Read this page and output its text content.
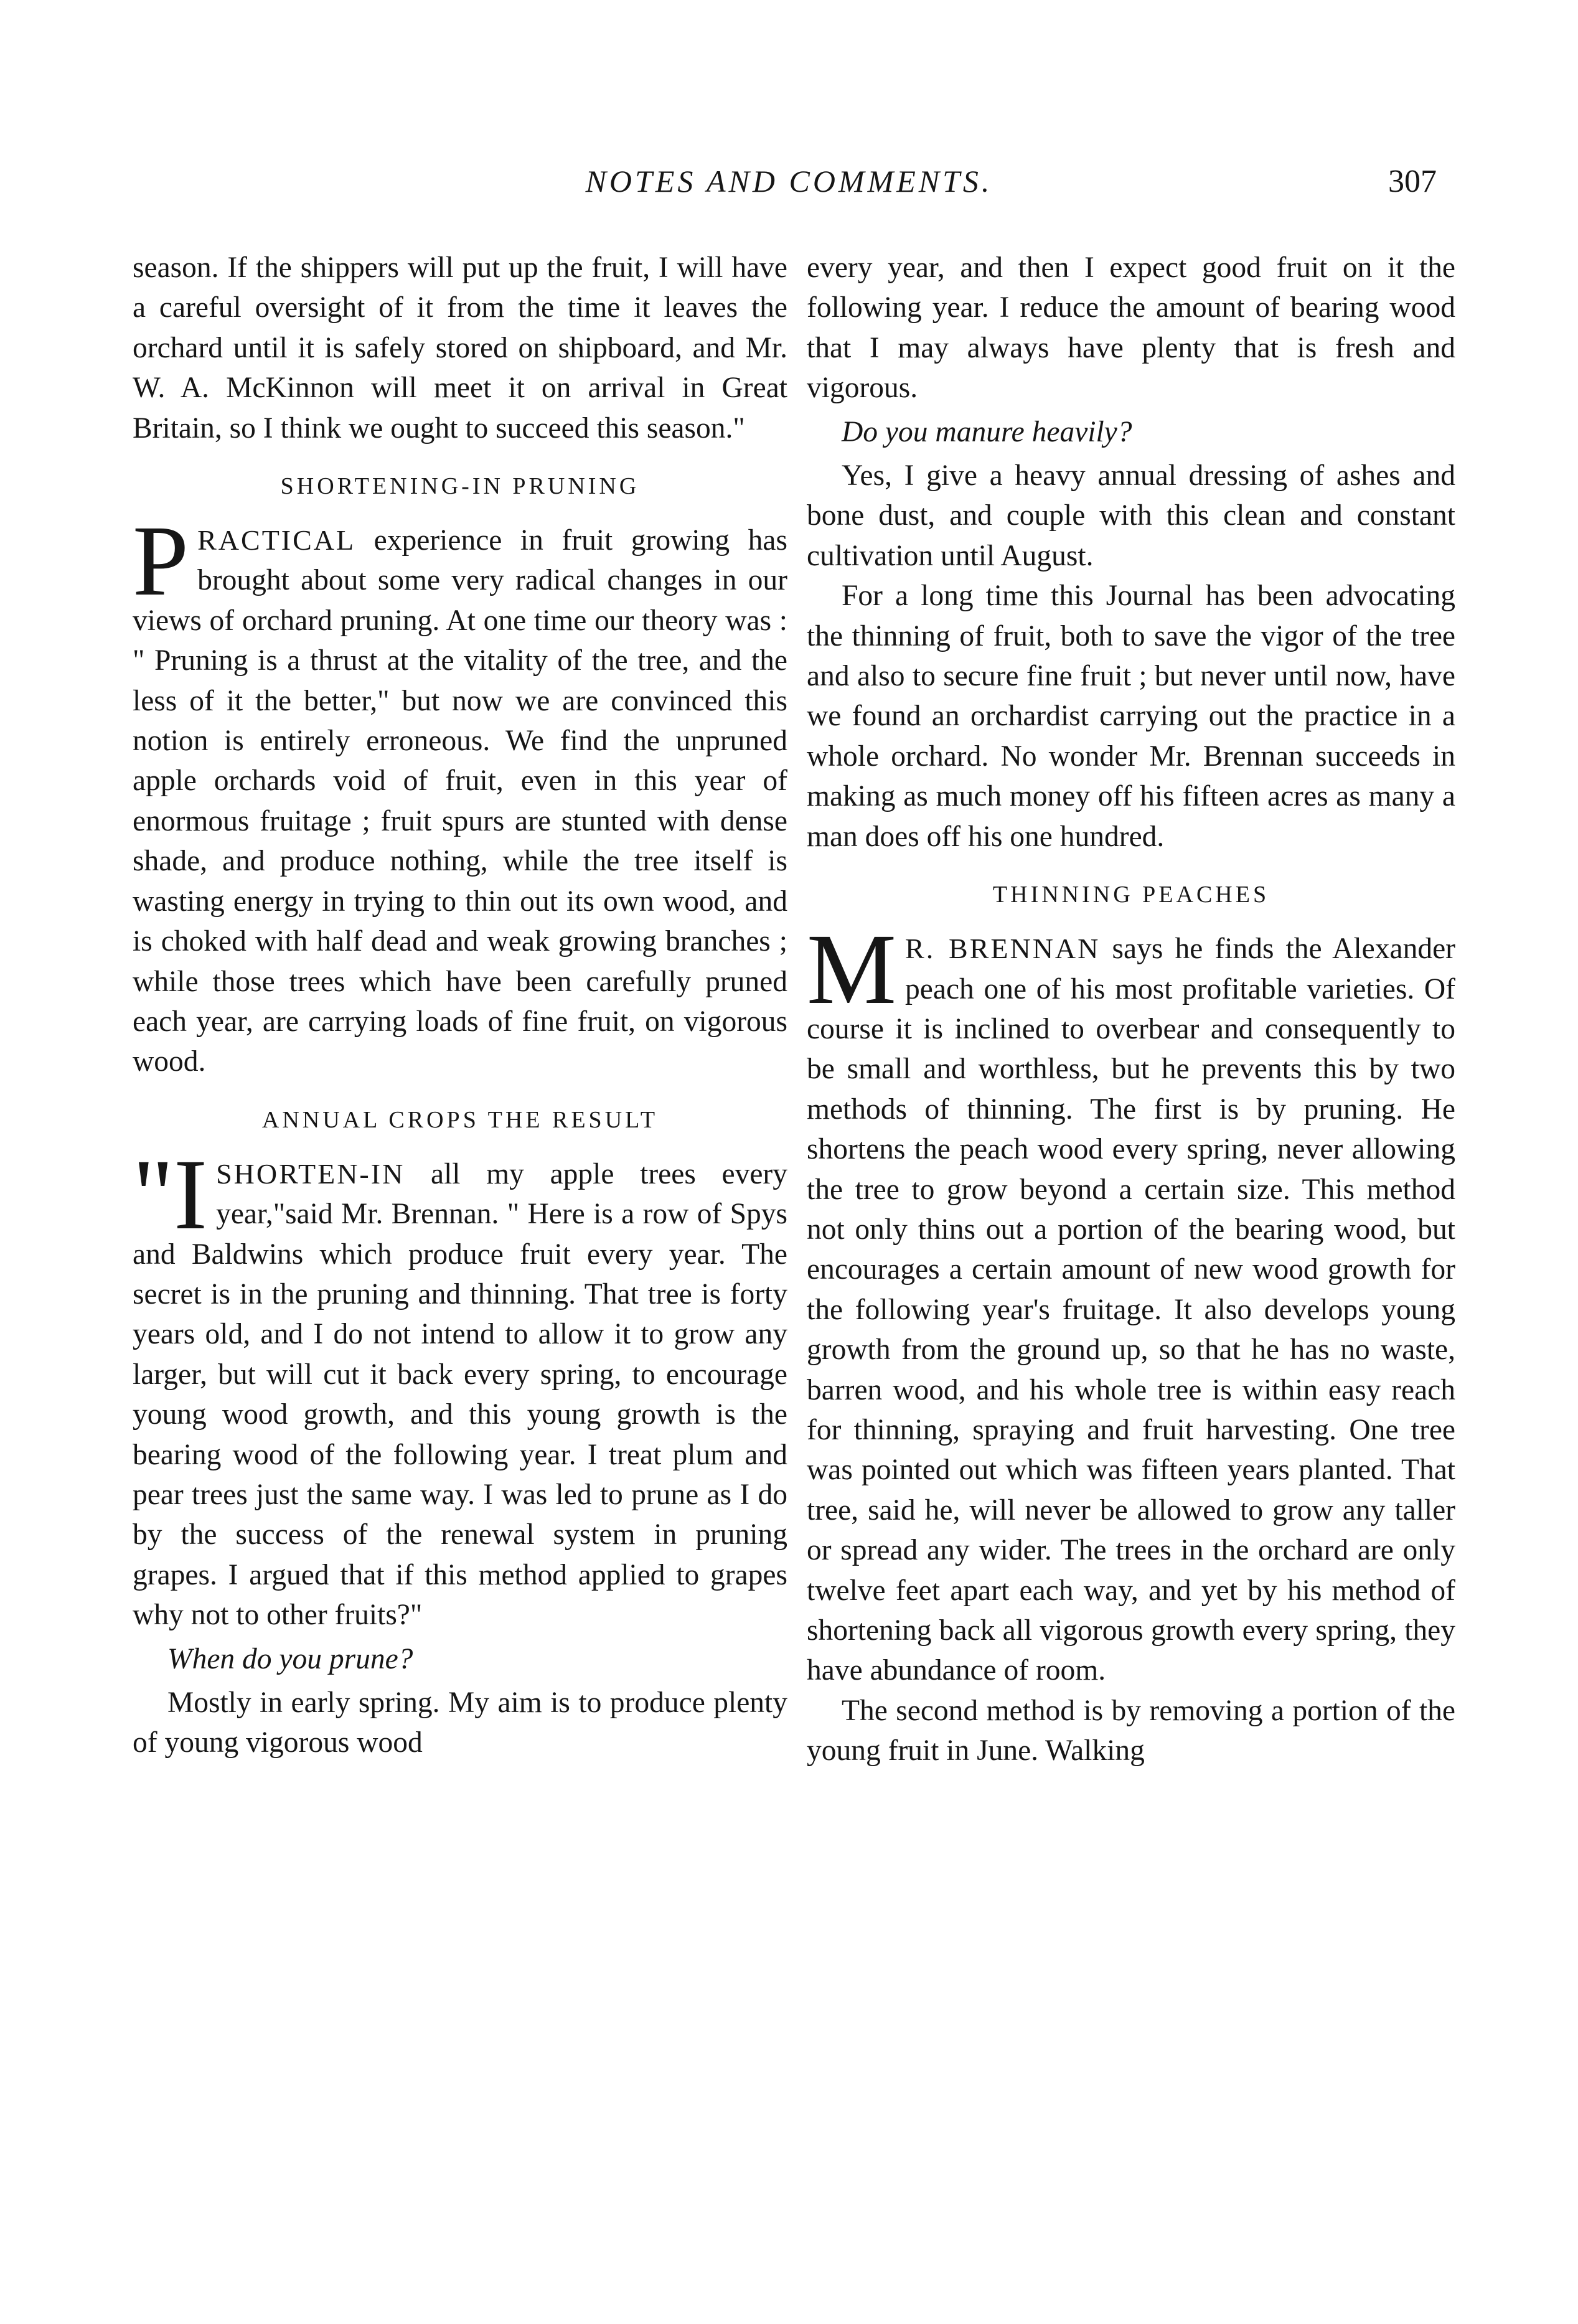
NOTES AND COMMENTS.	307

season. If the shippers will put up the fruit, I will have a careful oversight of it from the time it leaves the orchard until it is safely stored on shipboard, and Mr. W. A. McKinnon will meet it on arrival in Great Britain, so I think we ought to succeed this season."

SHORTENING-IN PRUNING

PRACTICAL experience in fruit growing has brought about some very radical changes in our views of orchard pruning. At one time our theory was : " Pruning is a thrust at the vitality of the tree, and the less of it the better," but now we are convinced this notion is entirely erroneous. We find the unpruned apple orchards void of fruit, even in this year of enormous fruitage ; fruit spurs are stunted with dense shade, and produce nothing, while the tree itself is wasting energy in trying to thin out its own wood, and is choked with half dead and weak growing branches ; while those trees which have been carefully pruned each year, are carrying loads of fine fruit, on vigorous wood.

ANNUAL CROPS THE RESULT

"ISHORTEN-IN all my apple trees every year,"said Mr. Brennan. " Here is a row of Spys and Baldwins which produce fruit every year. The secret is in the pruning and thinning. That tree is forty years old, and I do not intend to allow it to grow any larger, but will cut it back every spring, to encourage young wood growth, and this young growth is the bearing wood of the following year. I treat plum and pear trees just the same way. I was led to prune as I do by the success of the renewal system in pruning grapes. I argued that if this method applied to grapes why not to other fruits?"

When do you prune?

Mostly in early spring. My aim is to produce plenty of young vigorous wood

every year, and then I expect good fruit on it the following year. I reduce the amount of bearing wood that I may always have plenty that is fresh and vigorous.

Do you manure heavily?

Yes, I give a heavy annual dressing of ashes and bone dust, and couple with this clean and constant cultivation until August.

For a long time this Journal has been advocating the thinning of fruit, both to save the vigor of the tree and also to secure fine fruit ; but never until now, have we found an orchardist carrying out the practice in a whole orchard. No wonder Mr. Brennan succeeds in making as much money off his fifteen acres as many a man does off his one hundred.

THINNING PEACHES

M R. BRENNAN says he finds the Alexander peach one of his most profitable varieties. Of course it is inclined to overbear and consequently to be small and worthless, but he prevents this by two methods of thinning. The first is by pruning. He shortens the peach wood every spring, never allowing the tree to grow beyond a certain size. This method not only thins out a portion of the bearing wood, but encourages a certain amount of new wood growth for the following year's fruitage. It also develops young growth from the ground up, so that he has no waste, barren wood, and his whole tree is within easy reach for thinning, spraying and fruit harvesting. One tree was pointed out which was fifteen years planted. That tree, said he, will never be allowed to grow any taller or spread any wider. The trees in the orchard are only twelve feet apart each way, and yet by his method of shortening back all vigorous growth every spring, they have abundance of room.

The second method is by removing a portion of the young fruit in June. Walking
